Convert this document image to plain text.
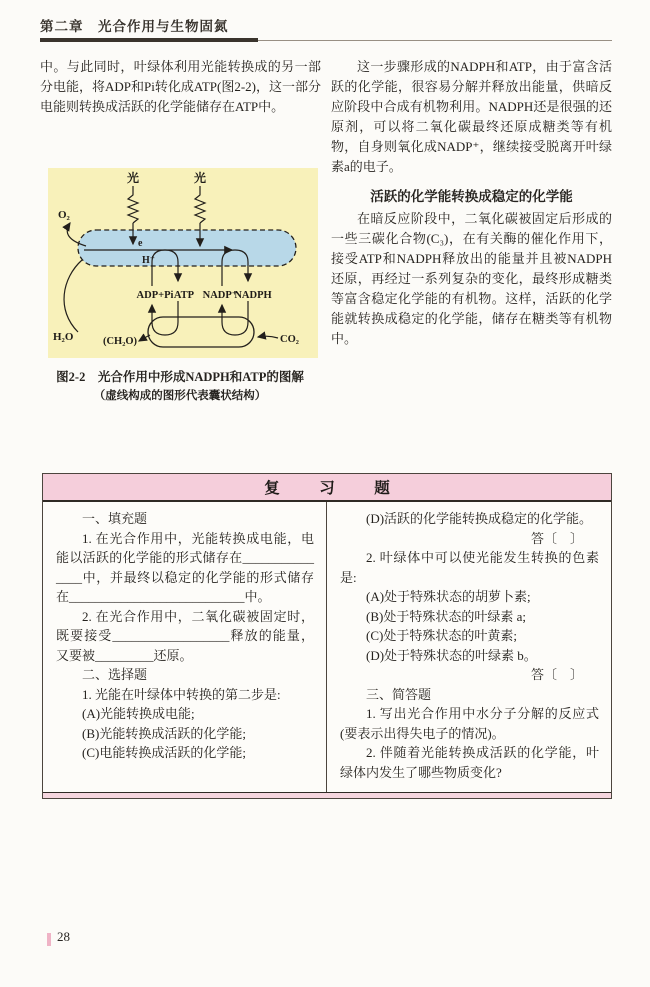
第二章　光合作用与生物固氮

中。与此同时，叶绿体利用光能转换成的另一部分电能，将ADP和Pi转化成ATP(图2-2)，这一部分电能则转换成活跃的化学能储存在ATP中。

这一步骤形成的NADPH和ATP，由于富含活跃的化学能，很容易分解并释放出能量，供暗反应阶段中合成有机物利用。NADPH还是很强的还原剂，可以将二氧化碳最终还原成糖类等有机物，自身则氧化成NADP⁺，继续接受脱离开叶绿素a的电子。

活跃的化学能转换成稳定的化学能

在暗反应阶段中，二氧化碳被固定后形成的一些三碳化合物(C₃)，在有关酶的催化作用下，接受ATP和NADPH释放出的能量并且被NADPH还原，再经过一系列复杂的变化，最终形成糖类等富含稳定化学能的有机物。这样，活跃的化学能就转换成稳定的化学能，储存在糖类等有机物中。

光	光
e
H⁺
O₂
H₂O
ADP+Pi ATP NADP⁺
NADPH
(CH₂O)	CO₂

图2-2　光合作用中形成NADPH和ATP的图解

（虚线构成的图形代表囊状结构）

复　习　题

一、填充题

1. 在光合作用中，光能转换成电能，电能以活跃的化学能的形式储存在_______________中，并最终以稳定的化学能的形式储存在___________________________中。

2. 在光合作用中，二氧化碳被固定时，既要接受__________________释放的能量，又要被_________还原。

二、选择题

1. 光能在叶绿体中转换的第二步是:

(A)光能转换成电能;

(B)光能转换成活跃的化学能;

(C)电能转换成活跃的化学能;

(D)活跃的化学能转换成稳定的化学能。

答〔　〕

2. 叶绿体中可以使光能发生转换的色素是:

(A)处于特殊状态的胡萝卜素;

(B)处于特殊状态的叶绿素 a;

(C)处于特殊状态的叶黄素;

(D)处于特殊状态的叶绿素 b。

答〔　〕

三、简答题

1. 写出光合作用中水分子分解的反应式(要表示出得失电子的情况)。

2. 伴随着光能转换成活跃的化学能，叶绿体内发生了哪些物质变化?

28
